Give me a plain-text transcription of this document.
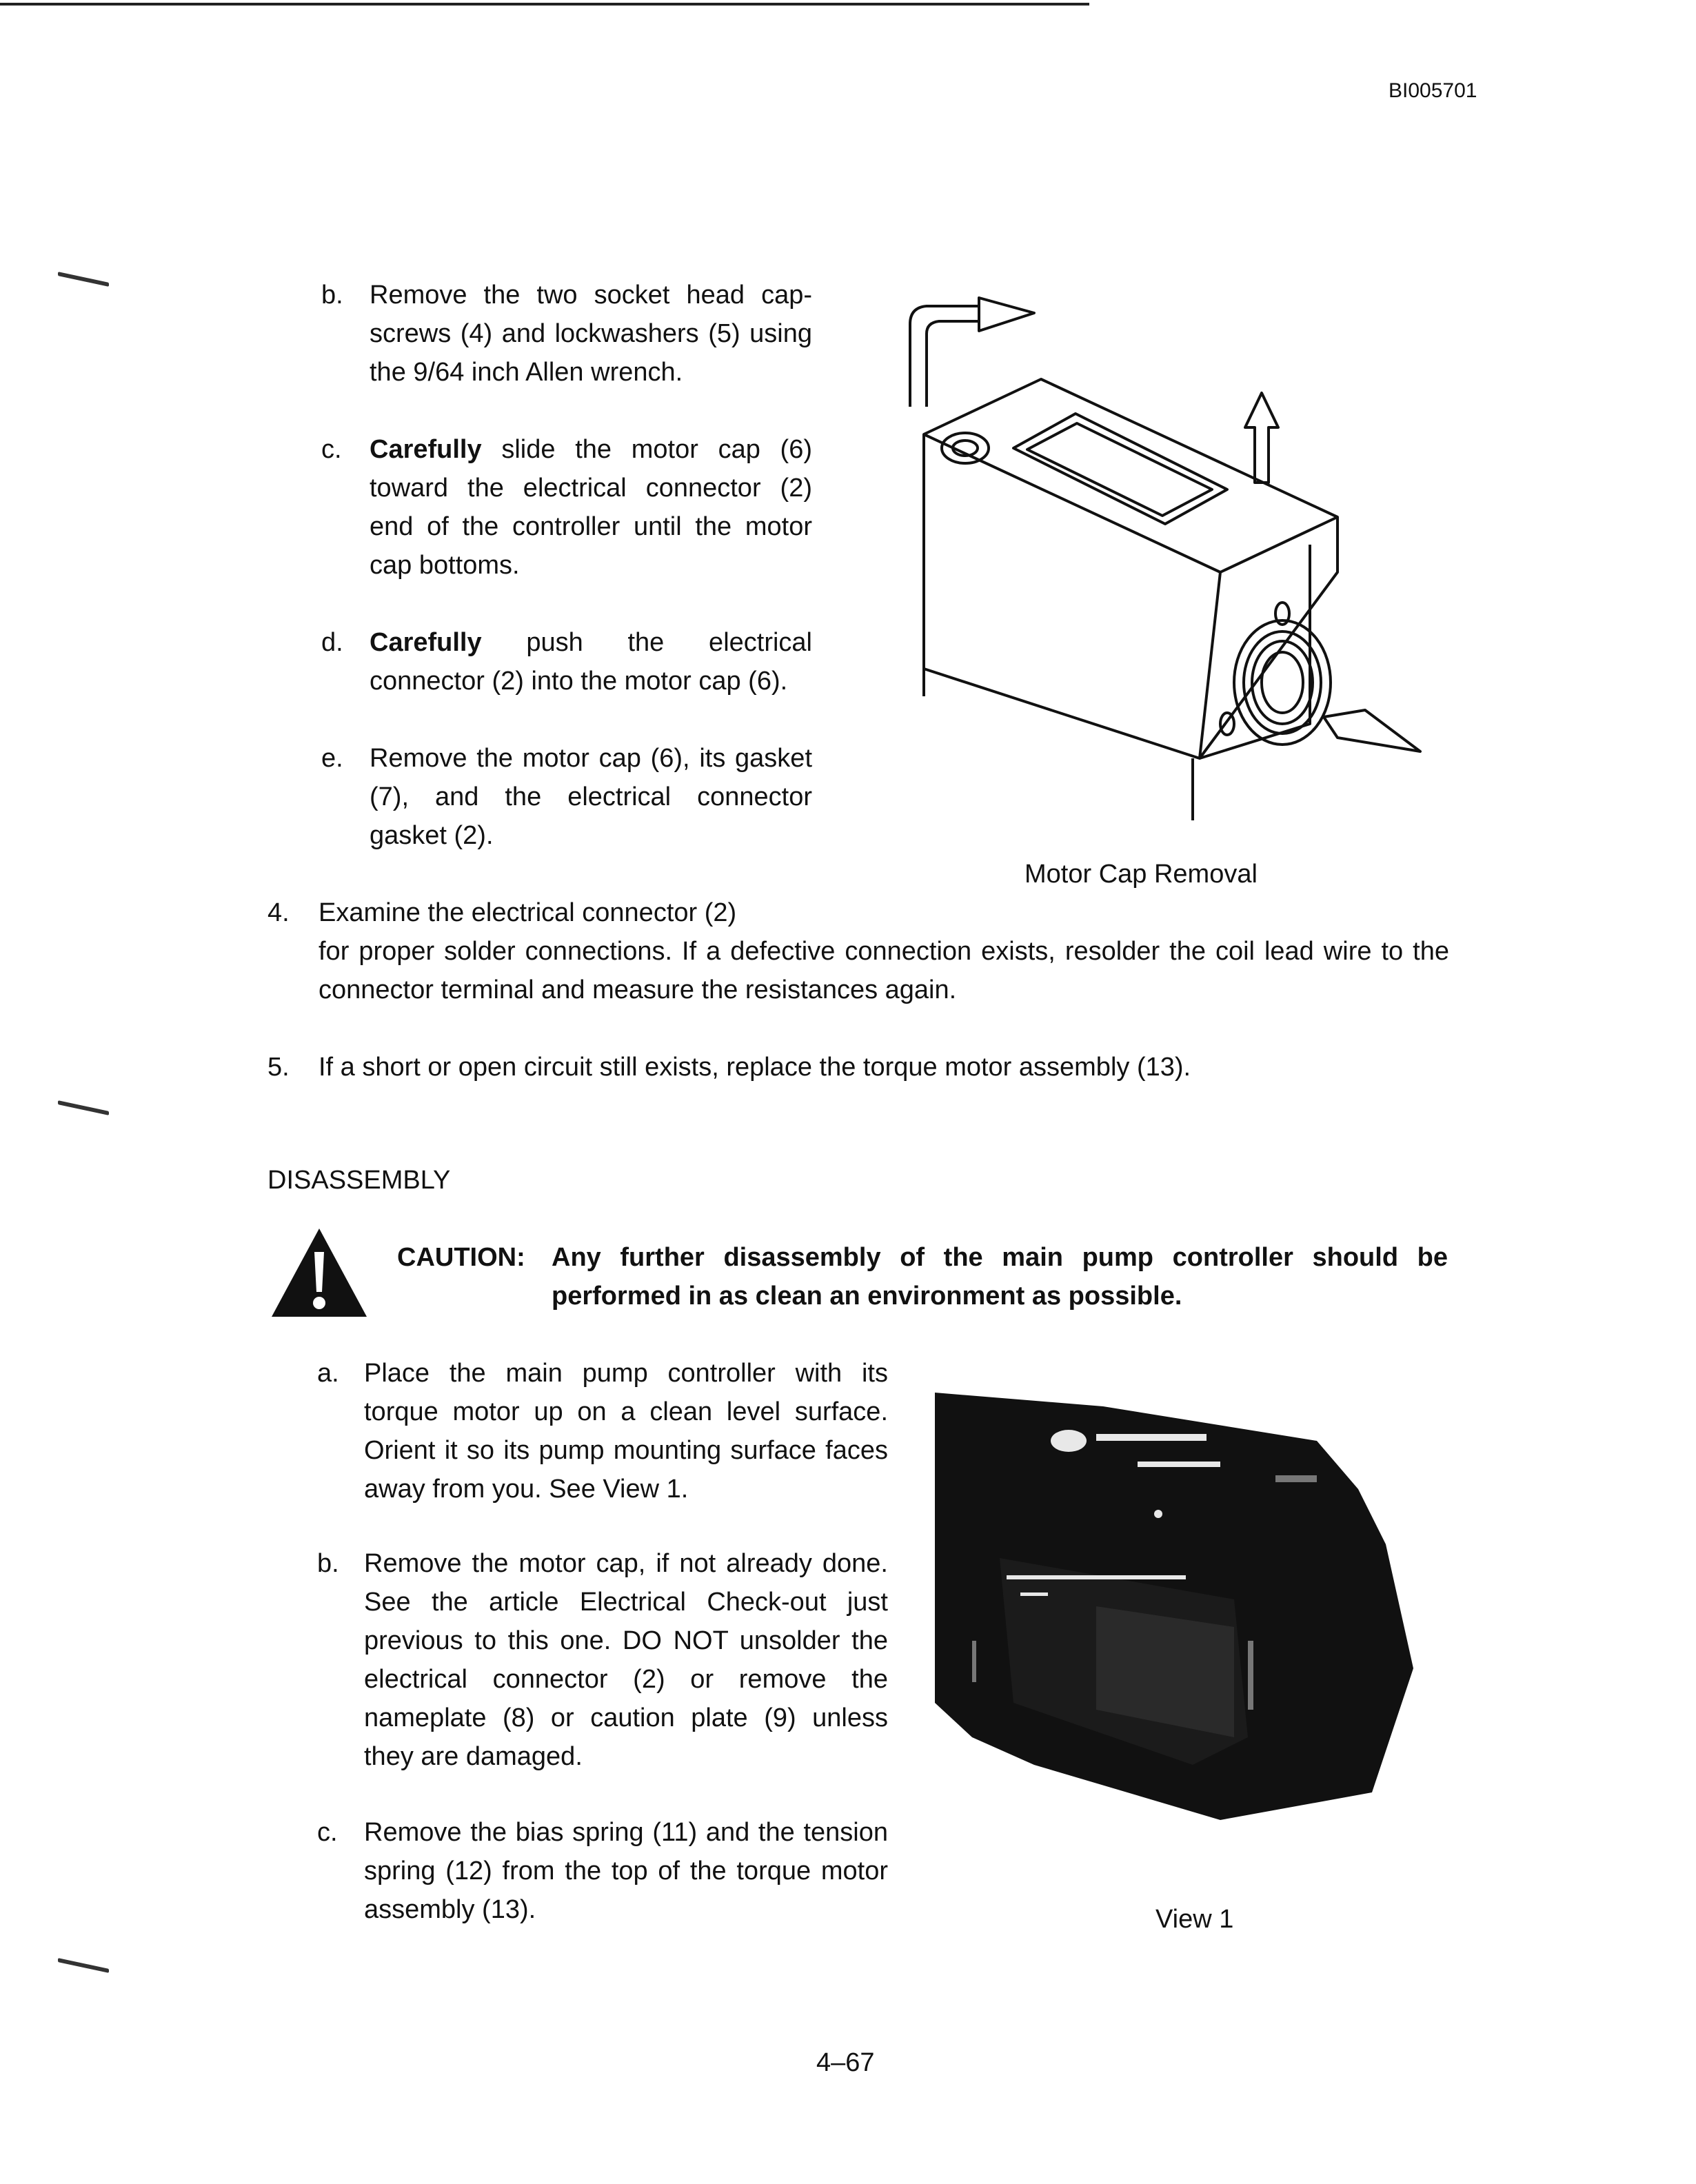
BI005701
b. Remove the two socket head cap-screws (4) and lockwashers (5) using the 9/64 inch Allen wrench.
c. Carefully slide the motor cap (6) toward the electrical connector (2) end of the controller until the motor cap bottoms.
d. Carefully push the electrical connector (2) into the motor cap (6).
e. Remove the motor cap (6), its gasket (7), and the electrical connector gasket (2).
Motor Cap Removal
4. Examine the electrical connector (2)
for proper solder connections. If a defective connection exists, resolder the coil lead wire to the connector terminal and measure the resistances again.
5. If a short or open circuit still exists, replace the torque motor assembly (13).
DISASSEMBLY
CAUTION: Any further disassembly of the main pump controller should be performed in as clean an environment as possible.
a. Place the main pump controller with its torque motor up on a clean level surface. Orient it so its pump mounting surface faces away from you. See View 1.
b. Remove the motor cap, if not already done. See the article Electrical Check-out just previous to this one. DO NOT unsolder the electrical connector (2) or remove the nameplate (8) or caution plate (9) unless they are damaged.
c. Remove the bias spring (11) and the tension spring (12) from the top of the torque motor assembly (13).	View 1
4–67
